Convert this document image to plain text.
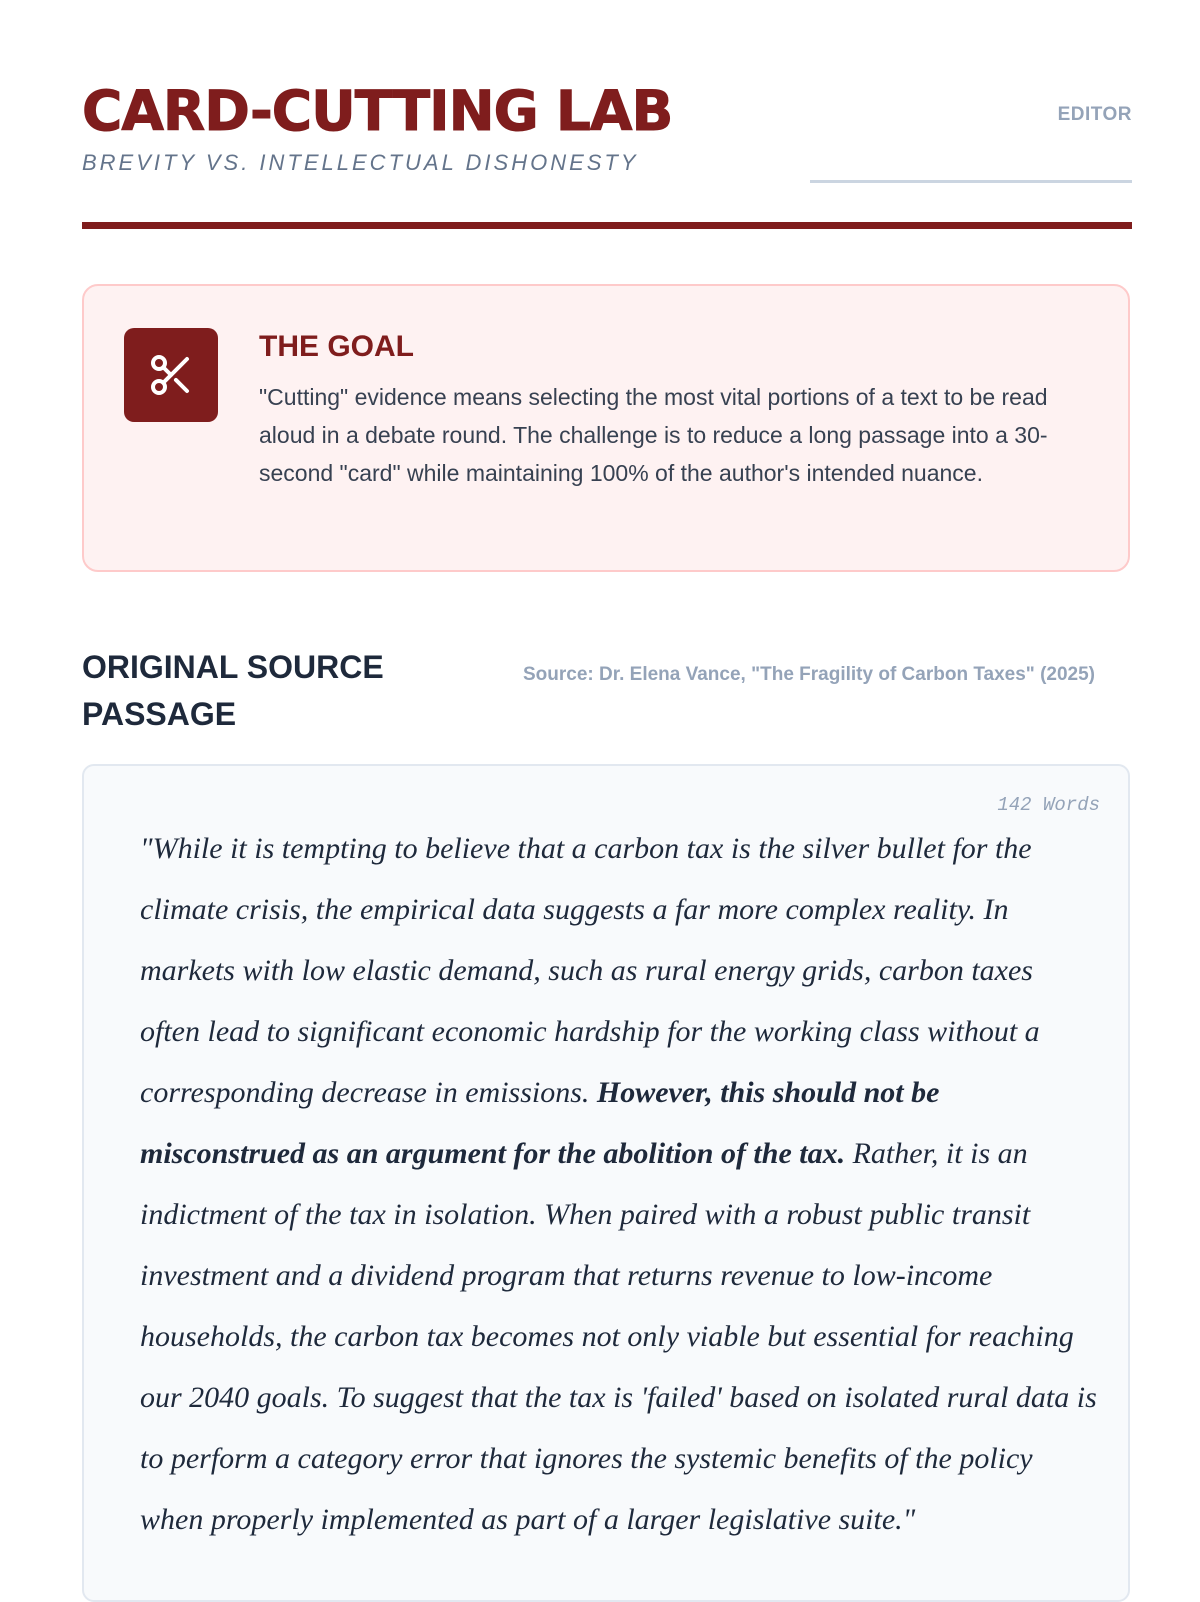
CARD-CUTTING LAB
BREVITY VS. INTELLECTUAL DISHONESTY
EDITOR
THE GOAL

"Cutting" evidence means selecting the most vital portions of a text to be read aloud in a debate round. The challenge is to reduce a long passage into a 30-second "card" while maintaining 100% of the author's intended nuance.

ORIGINAL SOURCE PASSAGE
Source: Dr. Elena Vance, "The Fragility of Carbon Taxes" (2025)
142 Words

"While it is tempting to believe that a carbon tax is the silver bullet for the climate crisis, the empirical data suggests a far more complex reality. In markets with low elastic demand, such as rural energy grids, carbon taxes often lead to significant economic hardship for the working class without a corresponding decrease in emissions. However, this should not be misconstrued as an argument for the abolition of the tax. Rather, it is an indictment of the tax in isolation. When paired with a robust public transit investment and a dividend program that returns revenue to low-income households, the carbon tax becomes not only viable but essential for reaching our 2040 goals. To suggest that the tax is 'failed' based on isolated rural data is to perform a category error that ignores the systemic benefits of the policy when properly implemented as part of a larger legislative suite."
